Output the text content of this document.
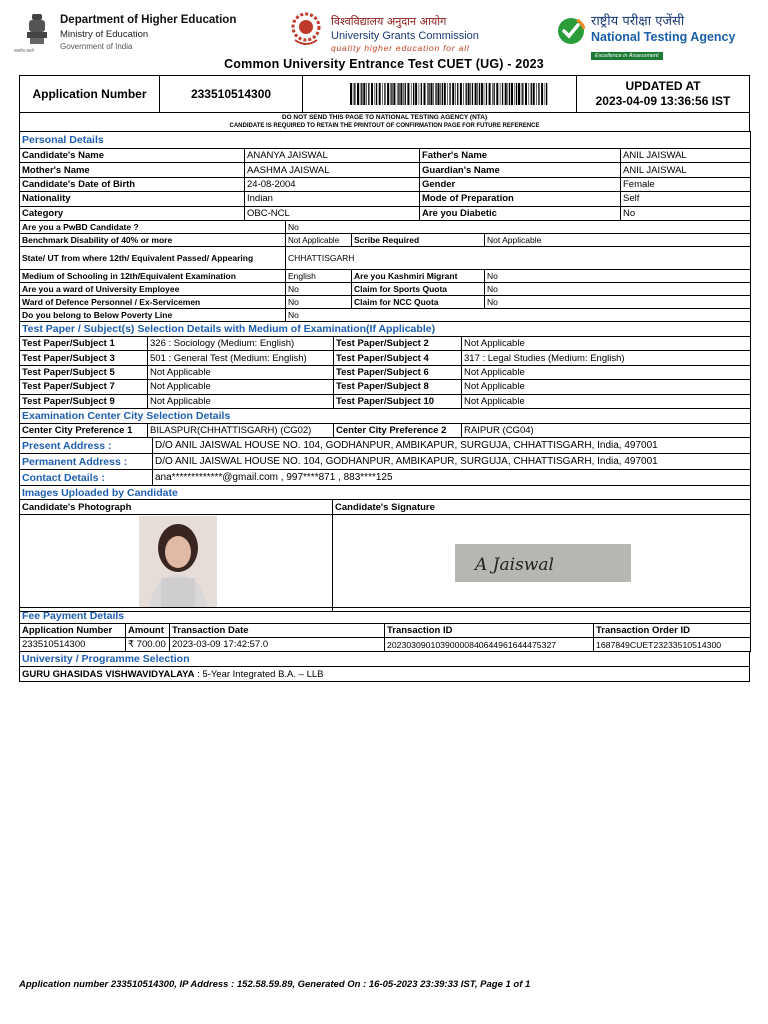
सत्यमेव जयते
Department of Higher Education
Ministry of Education
Government of India
विश्वविद्यालय अनुदान आयोग
University Grants Commission
quality higher education for all
राष्ट्रीय परीक्षा एजेंसी
National Testing Agency
Excellence in Assessment
Common University Entrance Test CUET (UG) - 2023
Application Number	233510514300
UPDATED AT
2023-04-09 13:36:56 IST
DO NOT SEND THIS PAGE TO NATIONAL TESTING AGENCY (NTA)
CANDIDATE IS REQUIRED TO RETAIN THE PRINTOUT OF CONFIRMATION PAGE FOR FUTURE REFERENCE
Personal Details			
Candidate's Name	ANANYA JAISWAL	Father's Name	ANIL JAISWAL
Mother's Name	AASHMA JAISWAL	Guardian's Name	ANIL JAISWAL
Candidate's Date of Birth	24-08-2004	Gender	Female
Nationality	Indian	Mode of Preparation	Self
Category	OBC-NCL	Are you Diabetic	No
Are you a PwBD Candidate ?	No		
Benchmark Disability of 40% or more	Not Applicable	Scribe Required	Not Applicable
State/ UT from where 12th/ Equivalent Passed/ Appearing	CHHATTISGARH		
Medium of Schooling in 12th/Equivalent Examination	English	Are you Kashmiri Migrant	No
Are you a ward of University Employee	No	Claim for Sports Quota	No
Ward of Defence Personnel / Ex-Servicemen	No	Claim for NCC Quota	No
Do you belong to Below Poverty Line	No		
Test Paper / Subject(s) Selection Details with Medium of Examination(If Applicable)			
Test Paper/Subject 1	326 : Sociology (Medium: English)	Test Paper/Subject 2	Not Applicable
Test Paper/Subject 3	501 : General Test (Medium: English)	Test Paper/Subject 4	317 : Legal Studies (Medium: English)
Test Paper/Subject 5	Not Applicable	Test Paper/Subject 6	Not Applicable
Test Paper/Subject 7	Not Applicable	Test Paper/Subject 8	Not Applicable
Test Paper/Subject 9	Not Applicable	Test Paper/Subject 10	Not Applicable
Examination Center City Selection Details
Center City Preference 1	BILASPUR(CHHATTISGARH) (CG02)	Center City Preference 2	RAIPUR (CG04)
Present Address :	D/O ANIL JAISWAL HOUSE NO. 104, GODHANPUR, AMBIKAPUR, SURGUJA, CHHATTISGARH, India, 497001
Permanent Address :	D/O ANIL JAISWAL HOUSE NO. 104, GODHANPUR, AMBIKAPUR, SURGUJA, CHHATTISGARH, India, 497001
Contact Details :	ana*************@gmail.com , 997****871 , 883****125
Images Uploaded by Candidate	
Candidate's Photograph	Candidate's Signature

A Jaiswal
Fee Payment Details				
Application Number	Amount	Transaction Date	Transaction ID	Transaction Order ID
233510514300	₹ 700.00	2023-03-09 17:42:57.0	202303090103900008406449616444753​27	1687849CUET23233510514300
University / Programme Selection
GURU GHASIDAS VISHWAVIDYALAYA : 5-Year Integrated B.A. – LLB
Application number 233510514300, IP Address : 152.58.59.89, Generated On : 16-05-2023 23:39:33 IST, Page 1 of 1
